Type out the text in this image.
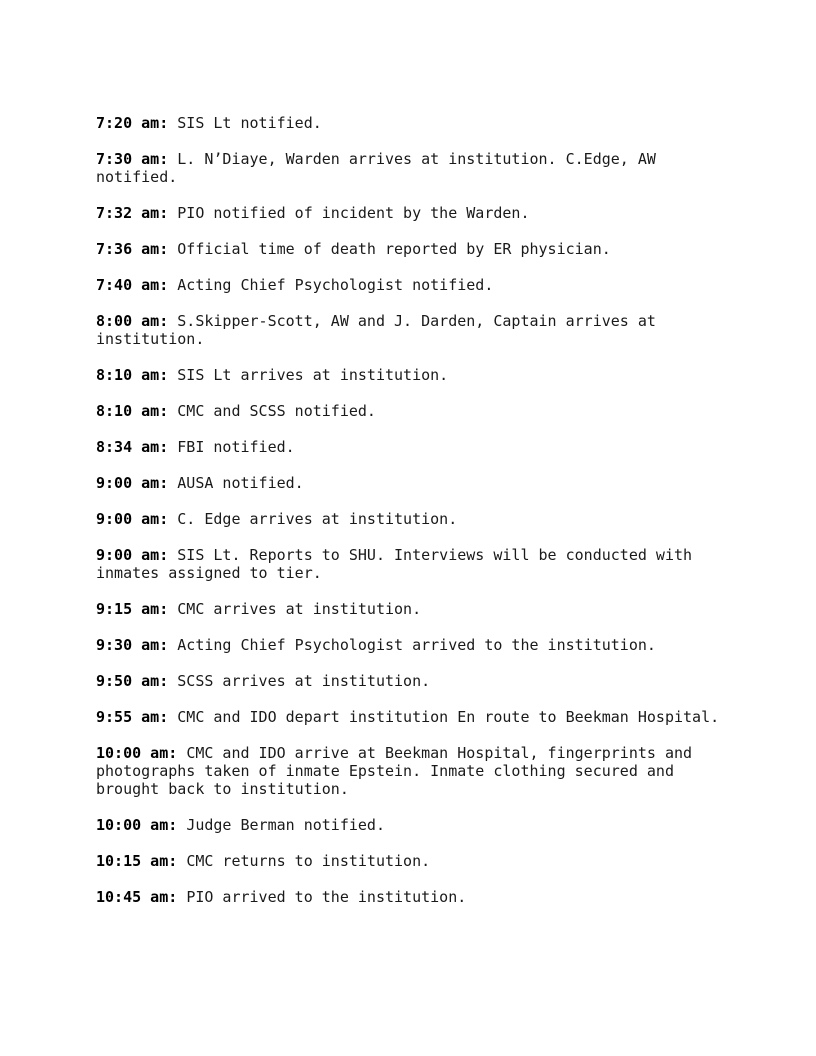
7:20 am: SIS Lt notified.

7:30 am: L. N’Diaye, Warden arrives at institution. C.Edge, AW notified.

7:32 am: PIO notified of incident by the Warden.

7:36 am: Official time of death reported by ER physician.

7:40 am: Acting Chief Psychologist notified.

8:00 am: S.Skipper-Scott, AW and J. Darden, Captain arrives at institution.

8:10 am: SIS Lt arrives at institution.

8:10 am: CMC and SCSS notified.

8:34 am: FBI notified.

9:00 am: AUSA notified.

9:00 am: C. Edge arrives at institution.

9:00 am: SIS Lt. Reports to SHU. Interviews will be conducted with inmates assigned to tier.

9:15 am: CMC arrives at institution.

9:30 am: Acting Chief Psychologist arrived to the institution.

9:50 am: SCSS arrives at institution.

9:55 am: CMC and IDO depart institution En route to Beekman Hospital.

10:00 am: CMC and IDO arrive at Beekman Hospital, fingerprints and photographs taken of inmate Epstein. Inmate clothing secured and brought back to institution.

10:00 am: Judge Berman notified.

10:15 am: CMC returns to institution.

10:45 am: PIO arrived to the institution.
